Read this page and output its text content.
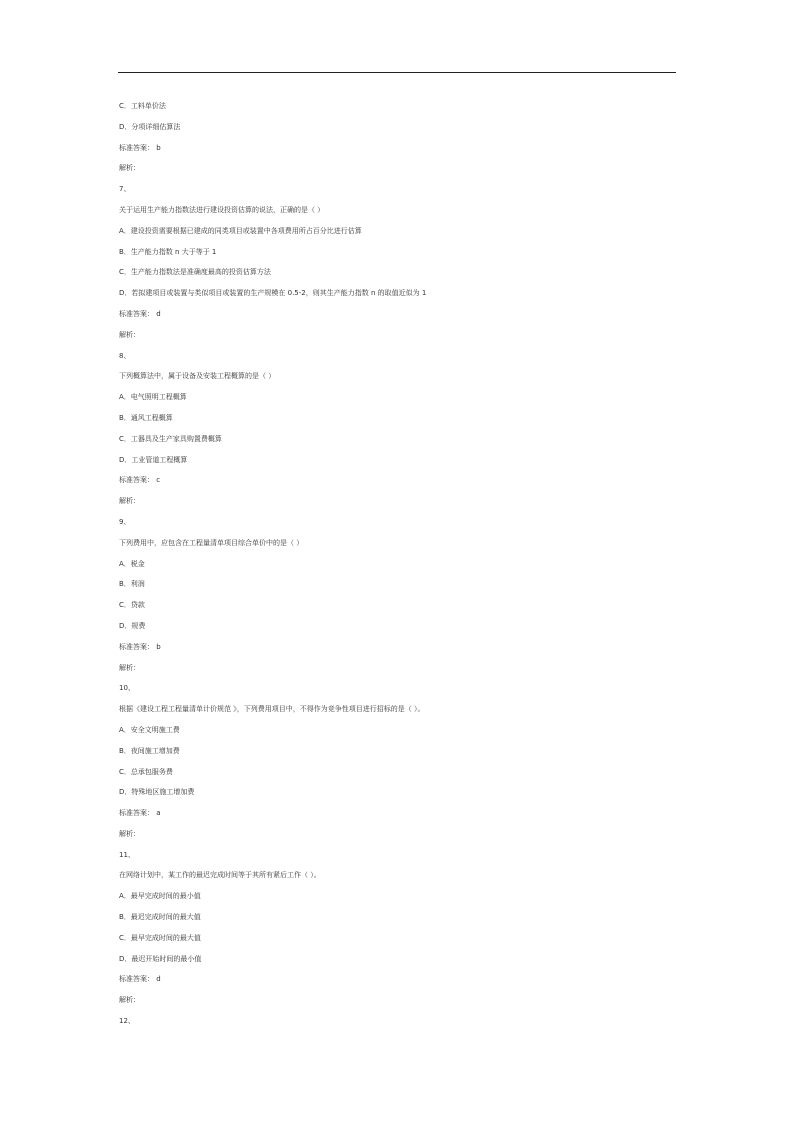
C．工料单价法
D．分项详细估算法
标准答案： b
解析：
7、
关于运用生产能力指数法进行建设投资估算的说法，正确的是（ ）
A．建设投资需要根据已建成的同类项目或装置中各项费用所占百分比进行估算
B．生产能力指数 n 大于等于 1
C．生产能力指数法是准确度最高的投资估算方法
D．若拟建项目或装置与类似项目或装置的生产规模在 0.5-2，则其生产能力指数 n 的取值近似为 1
标准答案： d
解析：
8、
下列概算法中，属于设备及安装工程概算的是（ ）
A．电气照明工程概算
B．通风工程概算
C．工器具及生产家具购置费概算
D．工业管道工程概算
标准答案： c
解析：
9、
下列费用中，应包含在工程量清单项目综合单价中的是（ ）
A．税金
B．利润
C．贷款
D．规费
标准答案： b
解析：
10、
根据《建设工程工程量清单计价规范 》，下列费用项目中，不得作为竞争性项目进行招标的是（ ）。
A．安全文明施工费
B．夜间施工增加费
C．总承包服务费
D．特殊地区施工增加费
标准答案： a
解析：
11、
在网络计划中，某工作的最迟完成时间等于其所有紧后工作（ ）。
A．最早完成时间的最小值
B．最迟完成时间的最大值
C．最早完成时间的最大值
D．最迟开始时间的最小值
标准答案： d
解析：
12、
